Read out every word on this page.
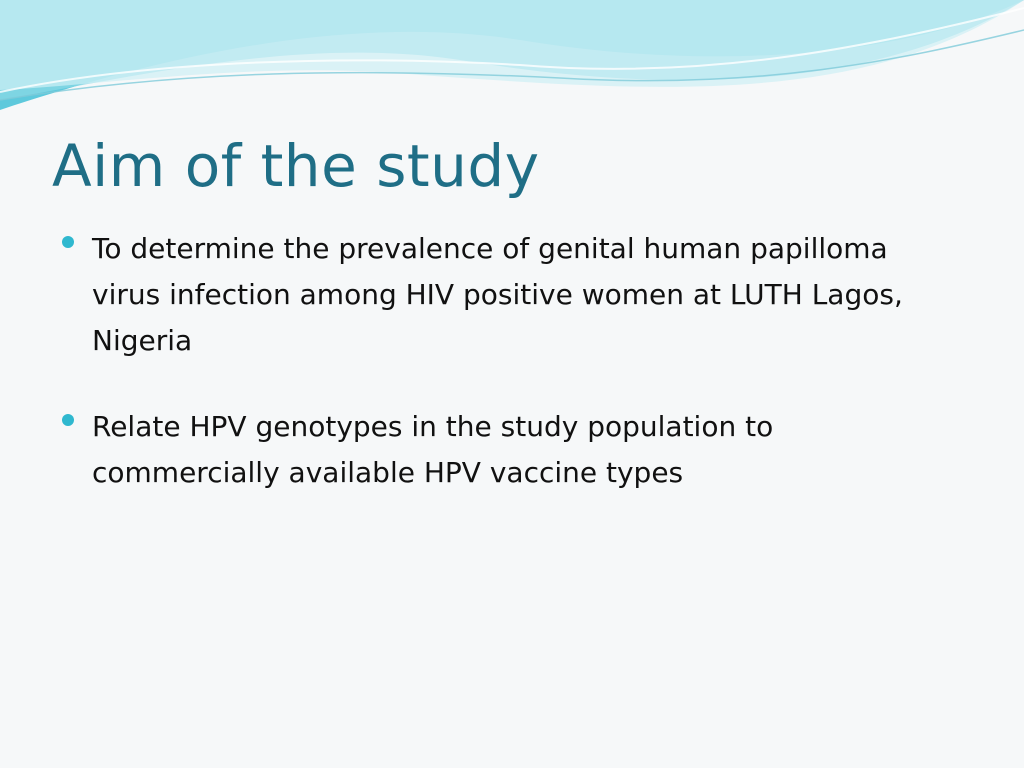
Aim of the study
To determine the prevalence of genital human papilloma virus infection among HIV positive women at LUTH Lagos, Nigeria
Relate HPV genotypes in the study population to commercially available HPV vaccine types
